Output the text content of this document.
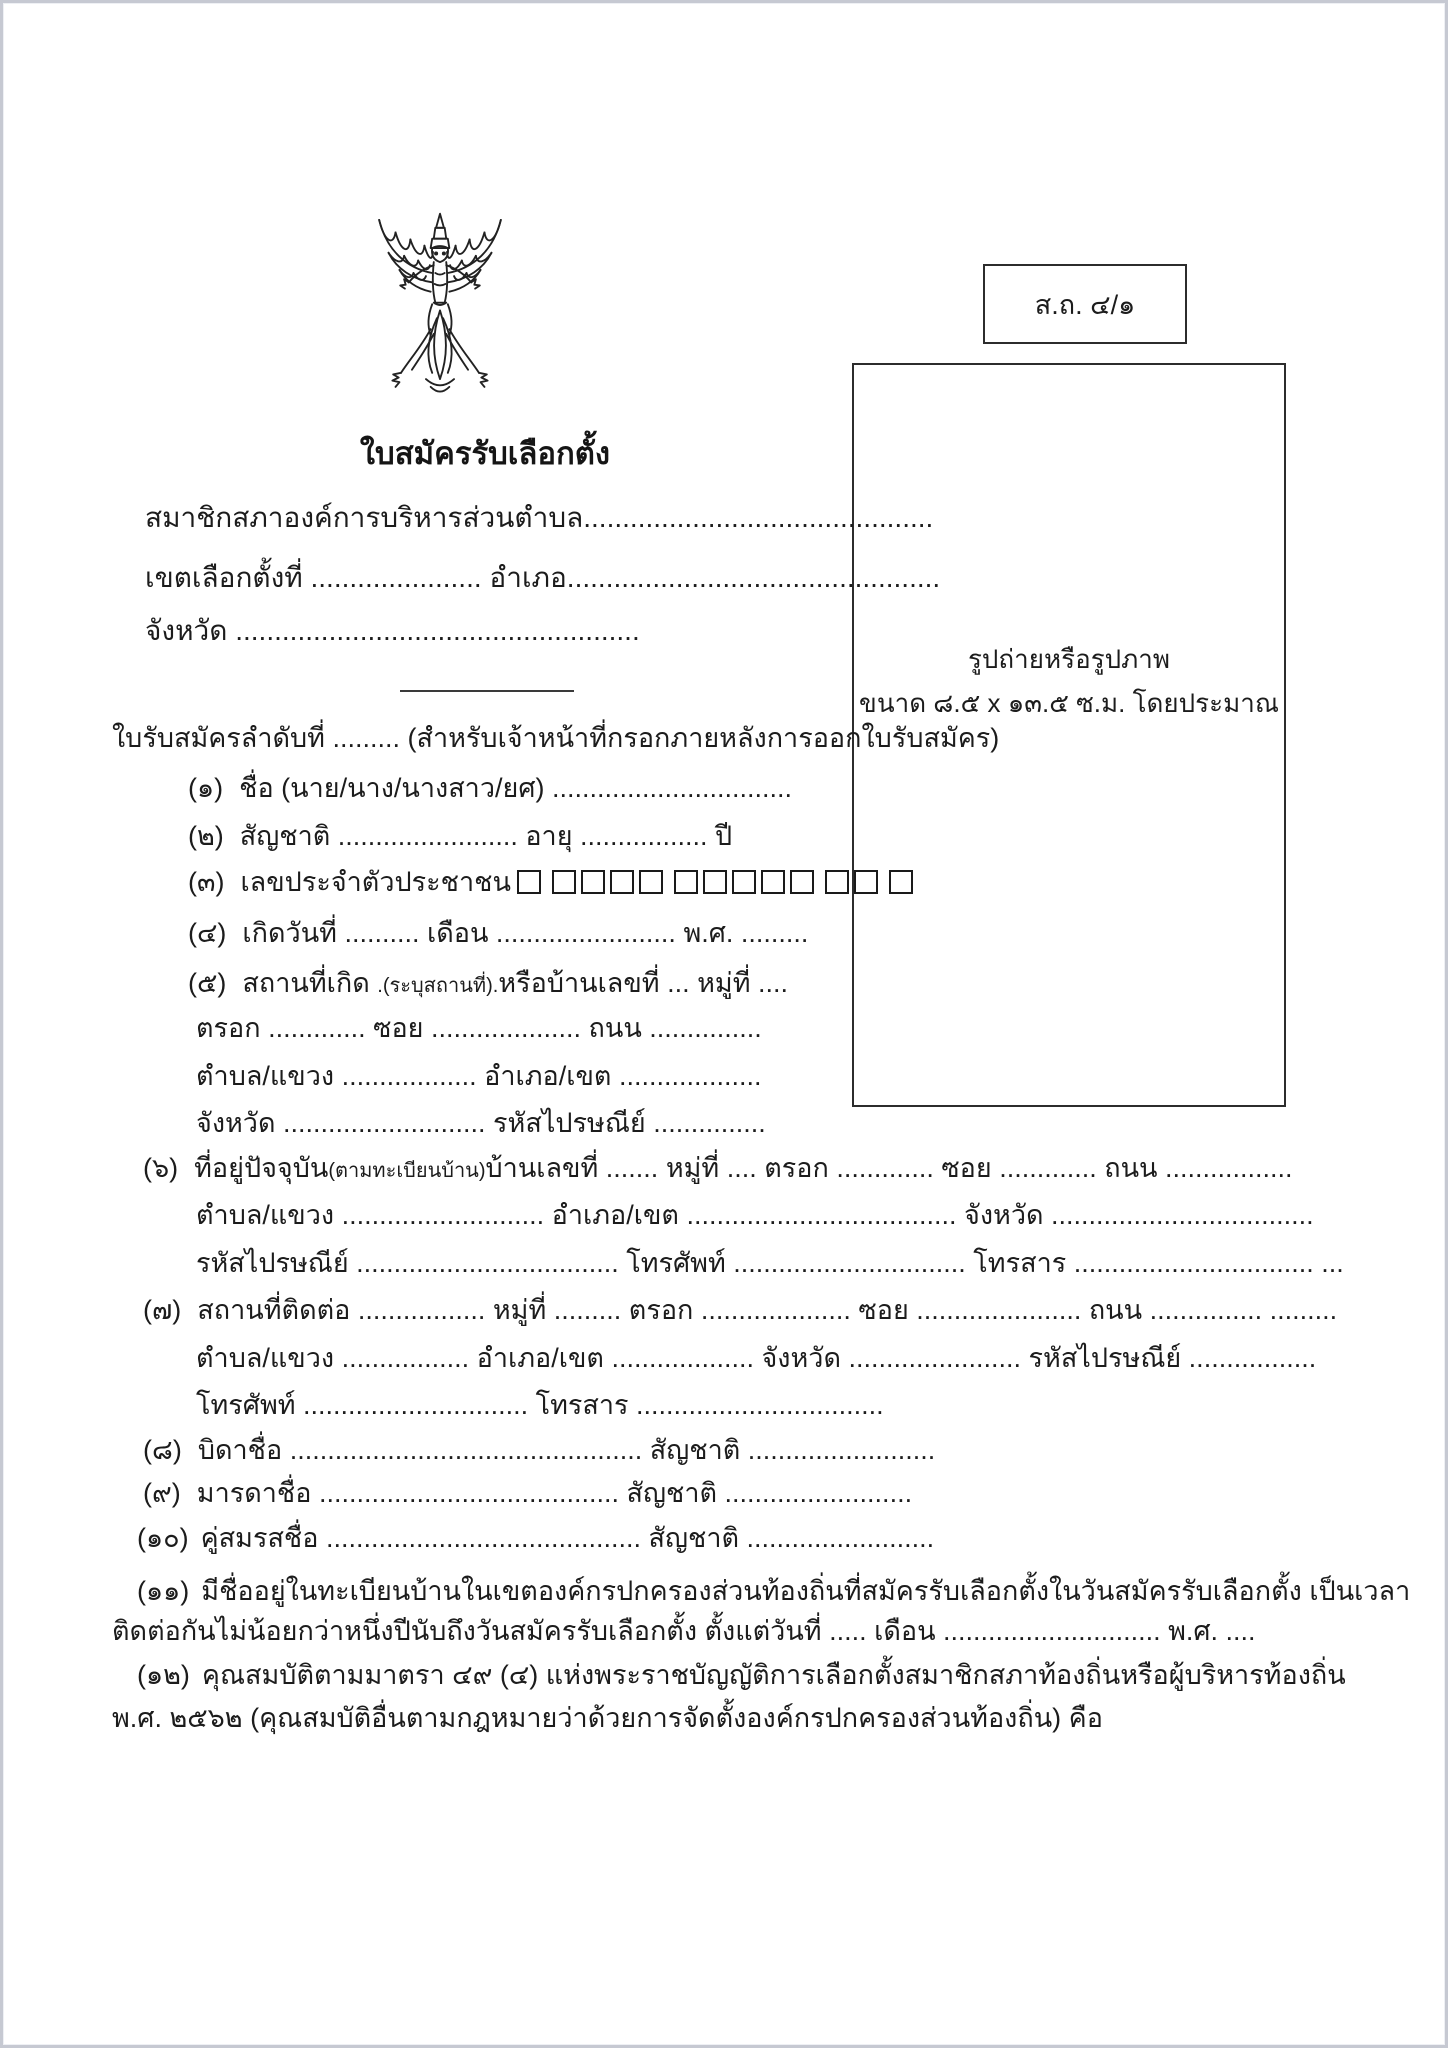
ส.ถ. ๔/๑
รูปถ่ายหรือรูปภาพ
ขนาด ๘.๕ x ๑๓.๕ ซ.ม. โดยประมาณ
ใบสมัครรับเลือกตั้ง
สมาชิกสภาองค์การบริหารส่วนตำบล.............................................
เขตเลือกตั้งที่ ...................... อำเภอ................................................
จังหวัด ....................................................
ใบรับสมัครลำดับที่ ......... (สำหรับเจ้าหน้าที่กรอกภายหลังการออกใบรับสมัคร)
(๑) ชื่อ (นาย/นาง/นางสาว/ยศ) ................................
(๒) สัญชาติ ........................ อายุ ................. ปี
(๓) เลขประจำตัวประชาชน
(๔) เกิดวันที่ .......... เดือน ........................ พ.ศ. .........
(๕) สถานที่เกิด .(ระบุสถานที่).หรือบ้านเลขที่ ... หมู่ที่ ....
ตรอก ............. ซอย .................... ถนน ...............
ตำบล/แขวง .................. อำเภอ/เขต ...................
จังหวัด ........................... รหัสไปรษณีย์ ...............
(๖) ที่อยู่ปัจจุบัน(ตามทะเบียนบ้าน)บ้านเลขที่ ....... หมู่ที่ .... ตรอก ............. ซอย ............. ถนน .................
ตำบล/แขวง ........................... อำเภอ/เขต .................................... จังหวัด ...................................
รหัสไปรษณีย์ ................................... โทรศัพท์ ............................... โทรสาร ................................ ...
(๗) สถานที่ติดต่อ ................. หมู่ที่ ......... ตรอก .................... ซอย ...................... ถนน ............... .........
ตำบล/แขวง ................. อำเภอ/เขต ................... จังหวัด ....................... รหัสไปรษณีย์ .................
โทรศัพท์ .............................. โทรสาร .................................
(๘) บิดาชื่อ ............................................... สัญชาติ .........................
(๙) มารดาชื่อ ........................................ สัญชาติ .........................
(๑๐) คู่สมรสชื่อ .......................................... สัญชาติ .........................
(๑๑) มีชื่ออยู่ในทะเบียนบ้านในเขตองค์กรปกครองส่วนท้องถิ่นที่สมัครรับเลือกตั้งในวันสมัครรับเลือกตั้ง เป็นเวลา
ติดต่อกันไม่น้อยกว่าหนึ่งปีนับถึงวันสมัครรับเลือกตั้ง ตั้งแต่วันที่ ..... เดือน ............................. พ.ศ. ....
(๑๒) คุณสมบัติตามมาตรา ๔๙ (๔) แห่งพระราชบัญญัติการเลือกตั้งสมาชิกสภาท้องถิ่นหรือผู้บริหารท้องถิ่น
พ.ศ. ๒๕๖๒ (คุณสมบัติอื่นตามกฎหมายว่าด้วยการจัดตั้งองค์กรปกครองส่วนท้องถิ่น) คือ
